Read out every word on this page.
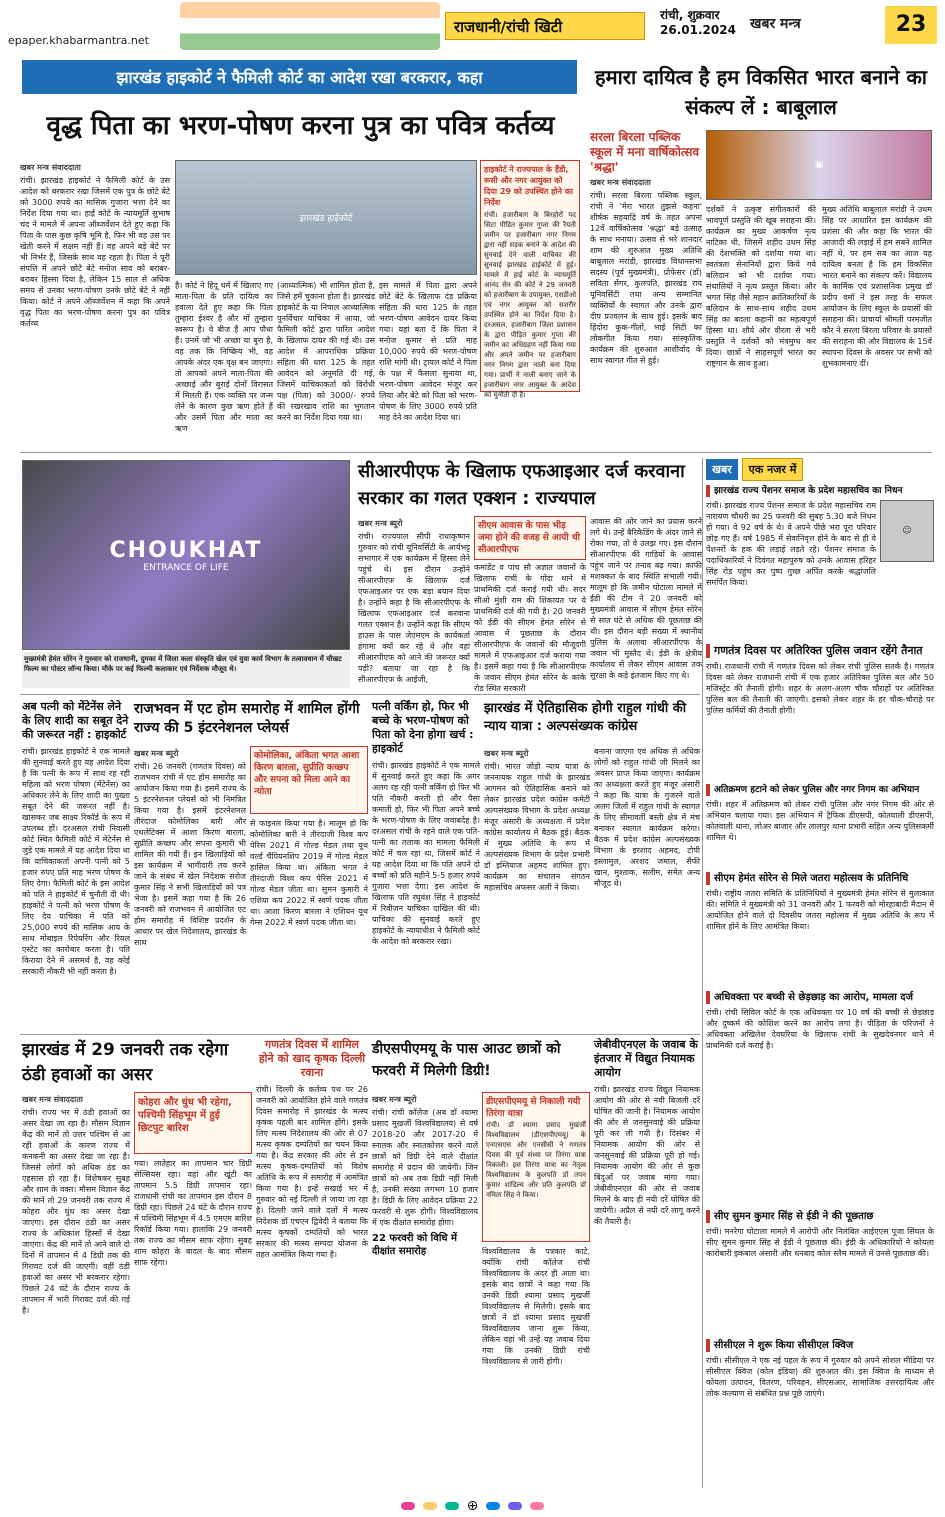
epaper.khabarmantra.net
राजधानी/रांची खिटी
रांची, शुक्रवार
26.01.2024 खबर मन्त्र	23
झारखंड हाइकोर्ट ने फैमिली कोर्ट का आदेश रखा बरकरार, कहा
वृद्ध पिता का भरण-पोषण करना पुत्र का पवित्र कर्तव्य
खबर मन्त्र संवाददाता
रांची। झारखंड हाइकोर्ट ने फैमिली कोर्ट के उस आदेश को बरकरार रखा जिसमें एक पुत्र के छोटे बेटे को 3000 रुपये का मासिक गुजारा भत्ता देने का निर्देश दिया गया था। हाई कोर्ट के न्यायमूर्ति सुभाष चंद ने मामले में अपना ऑब्जर्वेशन देते हुए कहा कि पिता के पास कुछ कृषि भूमि है, फिर भी वह उस पर खेती करने में सक्षम नहीं हैं। वह अपने बड़े बेटे पर भी निर्भर हैं, जिसके साथ वह रहता है। पिता ने पूरी संपत्ति में अपने छोटे बेटे मनोज साव को बराबर-बराबर हिस्सा दिया है, लेकिन 15 साल से अधिक समय से उनका भरण-पोषण उनके छोटे बेटे ने नहीं किया। कोर्ट ने अपने ऑब्जर्वेशन में कहा कि अपने वृद्ध पिता का भरण-पोषण करना पुत्र का पवित्र कर्तव्य
झारखंड हाईकोर्ट
हाइकोर्ट ने राज्यपाल के हैंडी, रूसी और नगर आयुक्त को दिया 29 को उपस्थित होने का निर्देश
रांची। हजारीबाग के बिरहोरों पद सिटा पीडित कुमार गुप्ता की रैयती जमीन पर हजारीबाग नगर निगम द्वारा नहीं सड़क बनाने के आदेश की सुनवाई देने वाली याचिका की सुनवाई झारखंड हाईकोर्ट में हुई। मामले में हाई कोर्ट के न्यायमूर्ति आनंद सेन की कोर्ट ने 29 जनवरी को हजारीबाग के उपायुक्त, एसडीओ एवं नगर आयुक्त को सशरीर उपस्थित होने का निर्देश दिया है। दरअसल, हजारीबाग जिला प्रशासन के द्वारा पीड़ित कुमार गुप्ता की जमीन का अधिग्रहण नहीं किया गया और अपने जमीन पर हजारीबाग नगर निगम द्वारा नाली बना दिया गया। प्रार्थी ने नाली बनाए जाने के हजारीबाग नगर आयुक्त के आदेश को चुनौती दी है।
है। कोर्ट ने हिंदू धर्म में खिलाए गए माता-पिता के प्रति दायित्व का हवाला देते हुए कहा कि पिता तुम्हारा ईश्वर है और माँ तुम्हारा स्वरूप है। वे बीज हैं आप पौधा हैं। उनमें जो भी अच्छा या बुरा है, वह तक कि निष्क्रिय भी, वह आपके अंदर एक वृक्ष बन जाएगा। तो आपको अपने माता-पिता की अच्छाई और बुराई दोनों विरासत में मिलती हैं। एक व्यक्ति पर जन्म लेने के कारण कुछ ऋण होते हैं और उसमें पिता और माता का ऋण
(आध्यात्मिक) भी शामिल होता है, जिसे हमें चुकाना होता है। झारखंड हाइकोर्ट के या निपाल आध्यात्मिक पुनर्विचार याचिका में आया, जो फैमिली कोर्ट द्वारा पारित आदेश के खिलाफ दायर की गई थी। उस आदेश में आपराधिक प्रक्रिया संहिता की धारा 125 के तहत आवेदन को अनुमति दी गई, जिसमें याचिकाकर्ता को विरोधी पक्ष (पिता) को 3000/- रुपये की रखरखाव राशि का भुगतान करने का निर्देश दिया गया था।
इस मामले में पिता द्वारा अपने छोटे बेटे के खिलाफ दंड प्रक्रिया संहिता की धारा 125 के तहत भरण-पोषण आवेदन दायर किया गया। यहां बता दें कि पिता ने मनोज कुमार से प्रति माह 10,000 रुपये की भरण-पोषण राशि मांगी थी। ट्रायल कोर्ट ने पिता के पक्ष में फैसला सुनाया था, भरण-पोषण आवेदन मंजूर कर लिया और बेटे को पिता को भरण-पोषण के लिए 3000 रुपये प्रति माह देने का आदेश दिया था।
सरला बिरला पब्लिक स्कूल में मना वार्षिकोत्सव 'श्रद्धा'
खबर मन्त्र संवाददाता
रांची। सरला बिरला पब्लिक स्कूल, रांची ने 'मेरा भारत तुझसे कहना' शीर्षक सहयाद्रि वर्ष के तहत अपना 12वें वार्षिकोत्सव 'श्रद्धा' बड़े उत्साह के साथ मनाया। उत्सव से भरे शानदार शाम की शुरुआत मुख्य अतिथि बाबूलाल मरांडी, झारखंड विधानसभा सदस्य (पूर्व मुख्यमंत्री), प्रोफेसर (डॉ) सविता सेंगर, कुलपति, झारखंड राय यूनिवर्सिटी तथा अन्य सम्मानित व्यक्तियों के स्वागत और उनके द्वारा दीप प्रज्वलन के साथ हुई। इसके बाद हिंदोरा कुक-गीतों, भाई सिटी का लोकगीत किया गया। सांस्कृतिक कार्यक्रम की शुरुआत आशीर्वाद के साथ स्वागत गीत से हुई।
हमारा दायित्व है हम विकसित भारत बनाने का संकल्प लें : बाबूलाल
▣
दर्शकों ने उत्कृष्ट संगीतकारों की भावपूर्ण प्रस्तुति की खूब सराहना की। कार्यक्रम का मुख्य आकर्षण नृत्य नाटिका थी, जिसमें शहीद उधम सिंह की देशभक्ति को दर्शाया गया था। स्वतंत्रता सेनानियों द्वारा किये गये बलिदान को भी दर्शाया गया। संथालियों ने नृत्य प्रस्तुत किया। और भगत सिंह जैसे महान क्रांतिकारियों के बलिदान के साथ-साथ शहीद उधम सिंह का बदला कहानी का महत्वपूर्ण हिस्सा था। शौर्य और वीरता से भरी प्रस्तुति ने दर्शकों को मंत्रमुग्ध कर दिया। छात्रों ने साहसपूर्ण भारत का राष्ट्रगान के साथ हुआ।
मुख्य अतिथि बाबूलाल मरांडी ने उधम सिंह पर आधारित इस कार्यक्रम की प्रशंसा की और कहा कि भारत की आजादी की लड़ाई में हम सबने शामिल नहीं थे, पर हम सब का आज यह दायित्व बनता है कि हम विकसित भारत बनाने का संकल्प करें। विद्यालय के कार्मिक एवं प्रशासनिक प्रमुख डॉ प्रदीप वर्मा ने इस तरह के सफल आयोजन के लिए स्कूल के प्रयासों की सराहना की। प्राचार्या श्रीमती परमजीत कौर ने सरला बिरला परिवार के प्रयासों की सराहना की और विद्यालय के 15वें स्थापना दिवस के अवसर पर सभी को शुभकामनाएं दीं।
CHOUKHAT
ENTRANCE OF LIFE
मुख्यमंत्री हेमंत सोरेन ने गुरुवार को राजधानी, दुमका में जिला कला संस्कृति खेल एवं युवा कार्य विभाग के तत्वावधान में चौखट फिल्म का पोस्टर लॉन्च किया। मौके पर कई फिल्मी कलाकार एवं निर्देशक मौजूद थे।
सीआरपीएफ के खिलाफ एफआइआर दर्ज करवाना सरकार का गलत एक्शन : राज्यपाल
खबर मन्त्र ब्यूरो
रांची। राज्यपाल सीपी राधाकृष्णन गुरुवार को रांची यूनिवर्सिटी के आर्यभट्ट सभागार में एक कार्यक्रम में हिस्सा लेने पहुंचे थे। इस दौरान उन्होंने सीआरपीएफ के खिलाफ दर्ज एफआइआर पर एक बड़ा बयान दिया है। उन्होंने कहा है कि सीआरपीएफ के खिलाफ एफआइआर दर्ज करवाना गलत एक्शन है। उन्होंने कहा कि सीएम हाउस के पास जेएमएम के कार्यकर्ता हंगामा क्यों कर रहे थे और वहां सीआरपीएफ को आने की जरूरत क्यों पड़ी? बताया जा रहा है कि सीआरपीएफ के आईजी,
सीएम आवास के पास भीड़ जमा होने की वजह से आयी थी सीआरपीएफ
कमांडेंट व पांच सौ अज्ञात जवानों के खिलाफ रांची के गोंदा थाने में प्राथमिकी दर्ज कराई गयी थी। सदर सीओ मुंशी राम की शिकायत पर ये प्राथमिकी दर्ज की गयी है। 20 जनवरी को ईडी की सीएम हेमंत सोरेन से आवास में पूछताछ के दौरान सीआरपीएफ के जवानों की मौजूदगी मामले में एफआइआर दर्ज कराया गया है। इसमें कहा गया है कि सीआरपीएफ के जवान सीएम हेमंत सोरेन के कांके रोड स्थित सरकारी
आवास की ओर जाने का प्रयास करने लगे थे। उन्हें बैरिकेडिंग के अंदर जाने से रोका गया, तो वे उलझ गए। इस दौरान सीआरपीएफ की गाड़ियों के आवास पहुंच जाने पर तनाव बढ़ गया। काफी मशक्कत के बाद स्थिति संभाली गयी। मालूम हो कि जमीन घोटाला मामले में ईडी की टीम ने 20 जनवरी को मुख्यमंत्री आवास में सीएम हेमंत सोरेन से सात घंटे से अधिक की पूछताछ की थी। इस दौरान बड़ी संख्या में स्थानीय पुलिस के अलावा सीआरपीएफ के जवान भी मुस्तैद थे। ईडी के क्षेत्रीय कार्यालय से लेकर सीएम आवास तक सुरक्षा के कड़े इंतजाम किए गए थे।
खबर	एक नजर में
झारखंड राज्य पेंशनर समाज के प्रदेश महासचिव का निधन
रांची। झारखंड राज्य पेंशनर समाज के प्रदेश महासचिव राम नारायण चौधरी का 25 फरवरी की सुबह 5.30 बजे निधन हो गया। वे 92 वर्ष के थे। वे अपने पीछे भरा पूरा परिवार छोड़ गए हैं। वर्ष 1985 में सेवानिवृत्त होने के बाद से ही वे पेंशनरों के हक की लड़ाई लड़ते रहे। पेंशनर समाज के पदाधिकारियों ने दिवंगत महापुरुष को उनके आवास हरिहर सिंह रोड पहुंच कर पुष्प गुच्छ अर्पित करके श्रद्धांजलि समर्पित किया।
☺
गणतंत्र दिवस पर अतिरिक्त पुलिस जवान रहेंगे तैनात
रांची। राजधानी रांची में गणतंत्र दिवस को लेकर रांची पुलिस सतर्क है। गणतंत्र दिवस को लेकर राजधानी रांची में एक हजार अतिरिक्त पुलिस बल और 50 मजिस्ट्रेट की तैनाती होगी। शहर के अलग-अलग चौक चौराहों पर अतिरिक्त पुलिस बल की तैनाती की जाएगी। इसको लेकर शहर के हर चौक-चौराहे पर पुलिस कर्मियों की तैनाती होगी।
अतिक्रमण हटाने को लेकर पुलिस और नगर निगम का अभियान
रांची। शहर में अतिक्रमण को लेकर रांची पुलिस और नगर निगम की ओर से अभियान चलाया गया। इस अभियान में ट्रैफिक डीएसपी, कोतवाली डीएसपी, कोतवाली थाना, लोअर बाजार और लालपुर थाना प्रभारी सहित अन्य पुलिसकर्मी शामिल थे।
सीएम हेमंत सोरेन से मिले जतरा महोत्सव के प्रतिनिधि
रांची। राष्ट्रीय जतरा समिति के प्रतिनिधियों ने मुख्यमंत्री हेमंत सोरेन से मुलाकात की। समिति ने मुख्यमंत्री को 31 जनवरी और 1 फरवरी को मोरहाबादी मैदान में आयोजित होने वाले दो दिवसीय जतरा महोत्सव में मुख्य अतिथि के रूप में शामिल होने के लिए आमंत्रित किया।
अधिवक्ता पर बच्ची से छेड़छाड़ का आरोप, मामला दर्ज
रांची। रांची सिविल कोर्ट के एक अधिवक्ता पर 10 वर्ष की बच्ची से छेड़छाड़ और दुष्कर्म की कोशिश करने का आरोप लगा है। पीड़िता के परिजनों ने अधिवक्ता अखिलेश देवघरिया के खिलाफ रांची के सुखदेवनगर थाने में प्राथमिकी दर्ज कराई है।
सीए सुमन कुमार सिंह से ईडी ने की पूछताछ
रांची। मनरेगा घोटाला मामले में आरोपी और निलंबित आईएएस पूजा सिंघल के सीए सुमन कुमार सिंह से ईडी ने पूछताछ की। ईडी के अधिकारियों ने कोयला कारोबारी इकबाल अंसारी और धनबाद कोल स्लैम मामले में उनसे पूछताछ की।
सीसीएल ने शुरू किया सीसीएल क्विज
रांची। सीसीएल ने एक नई पहल के रूप में गुरुवार को अपने सोशल मीडिया पर सीसीएल क्विज (कोल इंडिया) की शुरुआत की। इस क्विज के माध्यम से कोयला उत्पादन, वितरण, परिवहन, सीएसआर, सामाजिक उत्तरदायित्व और लोक कल्याण से संबंधित प्रश्न पूछे जाएंगे।
अब पत्नी को मेंटेनेंस लेने के लिए शादी का सबूत देने की जरूरत नहीं : हाइकोर्ट
रांची। झारखंड हाइकोर्ट ने एक मामले की सुनवाई करते हुए यह आदेश दिया है कि पत्नी के रूप में साथ रह रही महिला को भरण पोषण (मेंटेनेंस) का अधिकार लेने के लिए शादी का पुख्ता सबूत देने की जरूरत नहीं है। खासकर जब साक्ष्य रिकॉर्ड के रूप में उपलब्ध हों। दरअसल रांची निवासी कोर्ट स्थित फैमिली कोर्ट में मेंटेनेंस से जुड़े एक मामले में यह आदेश दिया था कि याचिकाकर्ता अपनी पत्नी को 5 हजार रुपए प्रति माह भरण पोषण के लिए देगा। फैमिली कोर्ट के इस आदेश को पति ने हाइकोर्ट में चुनौती दी थी। हाइकोर्ट ने पत्नी को भरण पोषण के लिए देय याचिका में पति को 25,000 रुपये की मासिक आय के साथ मोबाइल रिपेयरिंग और रियल एस्टेट का कारोबार करता है। पति किराया देने में असमर्थ है, वह कोई सरकारी नौकरी भी नहीं करता है।
राजभवन में एट होम समारोह में शामिल होंगी राज्य की 5 इंटरनेशनल प्लेयर्स
खबर मन्त्र ब्यूरो
रांची। 26 जनवरी (गणतंत्र दिवस) को राजभवन रांची में एट होम समारोह का आयोजन किया गया है। इसमें राज्य के 5 इंटरनेशनल प्लेयर्स को भी निमंत्रित किया गया है। इसमें इंटरनेशनल तीरंदाज कोमोलिका बारी और एथलेटिक्स में आशा किरण बारला, सुप्रीति कच्छप और सपना कुमारी भी शामिल की गयी हैं। इन खिलाड़ियों को इस कार्यक्रम में भागीदारी तय करने जाने के संबंध में खेल निदेशक सरोज कुमार सिंह ने सभी खिलाड़ियों को पत्र भेजा है। इसमें कहा गया है कि 26 जनवरी को राजभवन में आयोजित एट होम समारोह में विशिष्ट प्रदर्शन के आधार पर खेल निदेशालय, झारखंड के साथ
कोमोलिका, अंकिता भगत आशा किरण बारला, सुप्रीति कच्छप और सपना को मिला आने का न्योता
से फाइनल किया गया है। मालूम हो कि कोमोलिका बारी ने तीरंदाजी विश्व कप पेरिस 2021 में गोल्ड मेडल तथा यूथ वर्ल्ड चैंपियनशिप 2019 में गोल्ड मेडल हासिल किया था। अंकिता भगत ने तीरंदाजी विश्व कप पेरिस 2021 में गोल्ड मेडल जीता था। सुमन कुमारी ने एशिया कप 2022 में स्वर्ण पदक जीता था। आशा किरण बारला ने एशियन यूथ गेम्स 2022 में स्वर्ण पदक जीता था।
पत्नी वर्किंग हो, फिर भी बच्चे के भरण-पोषण को पिता को देना होगा खर्च : हाइकोर्ट
रांची। झारखंड हाइकोर्ट ने एक मामले में सुनवाई करते हुए कहा कि अगर अलग रह रही पत्नी वर्किंग हो फिर भी पति नौकरी करती हो और पैसा कमाती हो, फिर भी पिता अपने बच्चे के भरण-पोषण के लिए जवाबदेह है। दरअसल रांची के रहने वाले एक पति-पत्नी का तलाक का मामला फैमिली कोर्ट में चल रहा था, जिसमें कोर्ट ने यह आदेश दिया था कि पति अपने दो बच्चों को प्रति महीने 5-5 हजार रुपये गुजारा भत्ता देगा। इस आदेश के खिलाफ पति रघुवंश सिंह ने हाइकोर्ट में रिवीजन याचिका दाखिल की थी। याचिका की सुनवाई करते हुए हाइकोर्ट के न्यायाधीश ने फैमिली कोर्ट के आदेश को बरकरार रखा।
झारखंड में ऐतिहासिक होगी राहुल गांधी की न्याय यात्रा : अल्पसंख्यक कांग्रेस
खबर मन्त्र ब्यूरो
रांची। भारत जोड़ो न्याय यात्रा के जननायक राहुल गांधी के झारखंड आगमन को ऐतिहासिक बनाने को लेकर झारखंड प्रदेश कांग्रेस कमेटी अल्पसंख्यक विभाग के प्रदेश अध्यक्ष मंजूर अंसारी के अध्यक्षता में प्रदेश कांग्रेस कार्यालय में बैठक हुई। बैठक में मुख्य अतिथि के रूप में अल्पसंख्यक विभाग के प्रदेश प्रभारी डॉ इम्तियाज अहमद शामिल हुए। कार्यक्रम का संचालन संगठन महासचिव अफसर अली ने किया।
बनाना जाएगा एवं अधिक से अधिक लोगों को राहुल गांधी जी मिलने का अवसर प्राप्त किया जाएगा। कार्यक्रम का अध्यक्षता करते हुए मंजूर अंसारी ने कहा कि यात्रा के गुजरने वाले अलग जिलों में राहुल गांधी के स्वागत के लिए सीमावर्ती बस्ती क्षेत्र में मंच बनाकर स्वागत कार्यक्रम करेगा। बैठक में प्रदेश कांग्रेस अल्पसंख्यक विभाग के इरशाद अहमद, टोपी इस्लामुल, अरशद जमाल, सैफी खान, मुश्ताक, सलीम, समेत अन्य मौजूद थे।
झारखंड में 29 जनवरी तक रहेगा ठंडी हवाओं का असर
खबर मन्त्र संवाददाता
रांची। राज्य भर में ठंडी हवाओं का असर देखा जा रहा है। मौसम विज्ञान केंद्र की मानें तो उत्तर पश्चिम से आ रही हवाओं के कारण राज्य में कनकनी का असर देखा जा रहा है। जिससे लोगों को अधिक ठंड का एहसास हो रहा है। विशेषकर सुबह और शाम के वक्त। मौसम विज्ञान केंद्र की मानें तो 29 जनवरी तक राज्य में कोहरा और धुंध का असर देखा जाएगा। इस दौरान ठंडी का असर राज्य के अधिकांश हिस्सों में देखा जाएगा। केंद्र की मानें तो आने वाले दो दिनों में तापमान में 4 डिग्री तक की गिरावट दर्ज की जाएगी। वहीं ठंडी हवाओं का असर भी बरकरार रहेगा। पिछले 24 घंटे के दौरान राज्य के तापमान में भारी गिरावट दर्ज की गई है।
कोहरा और धुंध भी रहेगा, पश्चिमी सिंहभूम में हुई छिटपुट बारिश
गया। लातेहार का तापमान चार डिग्री सेल्सियस रहा। वहां और खूंटी का तापमान 5.5 डिग्री तापमान रहा। राजधानी रांची का तापमान इस दौरान 8 डिग्री रहा। पिछले 24 घंटे के दौरान राज्य में पश्चिमी सिंहभूम में 4.5 एमएम बारिश रिकॉर्ड किया गया। हालांकि 29 जनवरी तक राज्य का मौसम साफ रहेगा। सुबह शाम कोहरा के बादल के बाद मौसम साफ रहेगा।
गणतंत्र दिवस में शामिल होने को खाद कृषक दिल्ली रवाना
रांची। दिल्ली के कर्तव्य पथ पर 26 जनवरी को आयोजित होने वाले गणतंत्र दिवस समारोह में झारखंड के मत्स्य कृषक पहली बार शामिल होंगे। इसके लिए मत्स्य निदेशालय की ओर से 07 मत्स्य कृषक दम्पतियों का चयन किया गया है। केंद्र सरकार की ओर से इन मत्स्य कृषक-दम्पतियों को विशेष अतिथि के रूप में समारोह में आमंत्रित किया गया है। इन्हें सखाई भर में गुरुवार को नई दिल्ली ले जाया जा रहा है। दिल्ली जाने वाले दलों में मत्स्य निदेशक डॉ एचएन द्विवेदी ने बताया कि मत्स्य कृषकों दम्पतियों को भारत सरकार की मत्स्य सम्पदा योजना के तहत आमंत्रित किया गया है।
डीएसपीएमयू के पास आउट छात्रों को फरवरी में मिलेगी डिग्री!
खबर मन्त्र ब्यूरो
रांची। रांची कॉलेज (अब डॉ श्यामा प्रसाद मुखर्जी विश्वविद्यालय) से वर्ष 2018-20 और 2017-20 में स्नातक और स्नातकोत्तर करने वाले छात्रों को डिग्री देने वाले दीक्षांत समारोह में प्रदान की जायेगी। जिन छात्रों को अब तक डिग्री नहीं मिली है, उनकी संख्या लगभग 10 हजार है। डिग्री के लिए आवेदन प्रक्रिया 22 फरवरी से शुरू होगी। विश्वविद्यालय में एक दीक्षांत समारोह होगा।
22 फरवरी को विधि में दीक्षांत समारोह
डीएसपीएमयू से निकाली गयी तिरंगा यात्रा
रांची। डॉ श्यामा प्रसाद मुखर्जी विश्वविद्यालय (डीएसपीएमयू) के एनएसएस और एनसीसी ने गणतंत्र दिवस की पूर्व संध्या पर तिरंगा यात्रा निकाली। इस तिरंगा यात्रा का नेतृत्व विश्वविद्यालय के कुलपति डॉ तपन कुमार शांडिल्य और प्रति कुलपति डॉ नमिता सिंह ने किया।
विश्वविद्यालय के पत्रकार काटे, क्योंकि रांची कॉलेज रांची विश्वविद्यालय के अंदर ही आता था। इसके बाद छात्रों ने कहा गया कि उनकी डिग्री श्यामा प्रसाद मुखर्जी विश्वविद्यालय से मिलेगी। इसके बाद छात्रों ने डॉ श्यामा प्रसाद मुखर्जी विश्वविद्यालय जाना शुरू किया, लेकिन वहां भी उन्हें यह जवाब दिया गया कि उनकी डिग्री रांची विश्वविद्यालय से जारी होगी।
जेबीवीएनएल के जवाब के इंतजार में विद्युत नियामक आयोग
रांची। झारखंड राज्य विद्युत नियामक आयोग की ओर से नयी बिजली दरें घोषित की जानी है। नियामक आयोग की ओर से जनसुनवाई की प्रक्रिया पूरी कर ली गयी है। दिसंबर में नियामक आयोग की ओर से जनसुनवाई की प्रक्रिया पूरी हो गई। नियामक आयोग की ओर से कुछ बिंदुओं पर जवाब मांगा गया। जेबीवीएनएल की ओर से जवाब मिलने के बाद ही नयी दरें घोषित की जायेगी। अप्रैल से नयी दरें लागू करने की तैयारी है।
⊕
